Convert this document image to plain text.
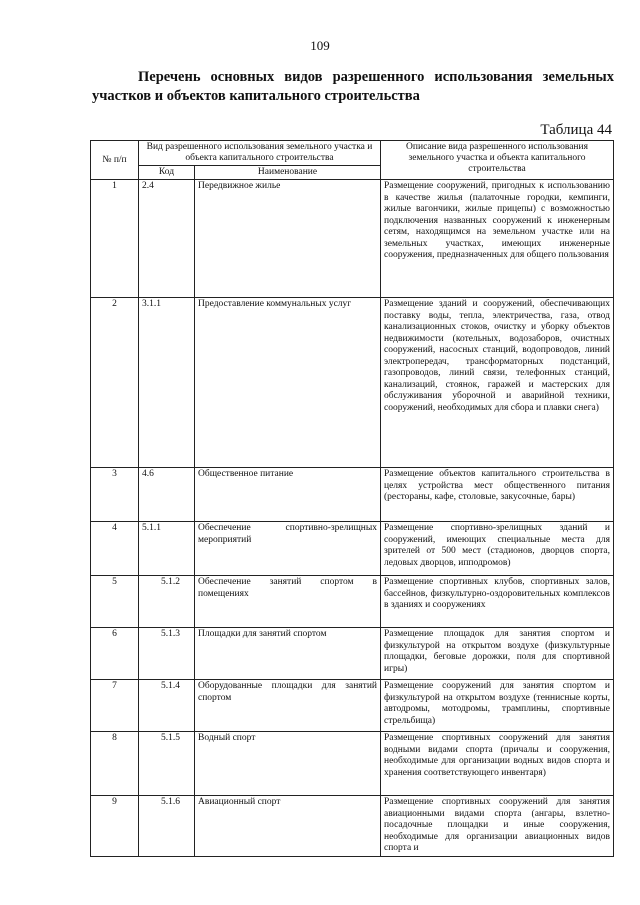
109
Перечень основных видов разрешенного использования земельных участков и объектов капитального строительства
Таблица 44
№ п/п	Вид разрешенного использования земельного участка и объекта капитального строительства		Описание вида разрешенного использования земельного участка и объекта капитального строительства
	Код	Наименование	
1	2.4	Передвижное жилье	Размещение сооружений, пригодных к использованию в качестве жилья (палаточные городки, кемпинги, жилые вагончики, жилые прицепы) с возможностью подключения названных сооружений к инженерным сетям, находящимся на земельном участке или на земельных участках, имеющих инженерные сооружения, предназначенных для общего пользования
2	3.1.1	Предоставление коммунальных услуг	Размещение зданий и сооружений, обеспечивающих поставку воды, тепла, электричества, газа, отвод канализационных стоков, очистку и уборку объектов недвижимости (котельных, водозаборов, очистных сооружений, насосных станций, водопроводов, линий электропередач, трансформаторных подстанций, газопроводов, линий связи, телефонных станций, канализаций, стоянок, гаражей и мастерских для обслуживания уборочной и аварийной техники, сооружений, необходимых для сбора и плавки снега)
3	4.6	Общественное питание	Размещение объектов капитального строительства в целях устройства мест общественного питания (рестораны, кафе, столовые, закусочные, бары)
4	5.1.1	Обеспечение спортивно-зрелищных мероприятий	Размещение спортивно-зрелищных зданий и сооружений, имеющих специальные места для зрителей от 500 мест (стадионов, дворцов спорта, ледовых дворцов, ипподромов)
5	5.1.2	Обеспечение занятий спортом в помещениях	Размещение спортивных клубов, спортивных залов, бассейнов, физкультурно-оздоровительных комплексов в зданиях и сооружениях
6	5.1.3	Площадки для занятий спортом	Размещение площадок для занятия спортом и физкультурой на открытом воздухе (физкультурные площадки, беговые дорожки, поля для спортивной игры)
7	5.1.4	Оборудованные площадки для занятий спортом	Размещение сооружений для занятия спортом и физкультурой на открытом воздухе (теннисные корты, автодромы, мотодромы, трамплины, спортивные стрельбища)
8	5.1.5	Водный спорт	Размещение спортивных сооружений для занятия водными видами спорта (причалы и сооружения, необходимые для организации водных видов спорта и хранения соответствующего инвентаря)
9	5.1.6	Авиационный спорт	Размещение спортивных сооружений для занятия авиационными видами спорта (ангары, взлетно-посадочные площадки и иные сооружения, необходимые для организации авиационных видов спорта и
